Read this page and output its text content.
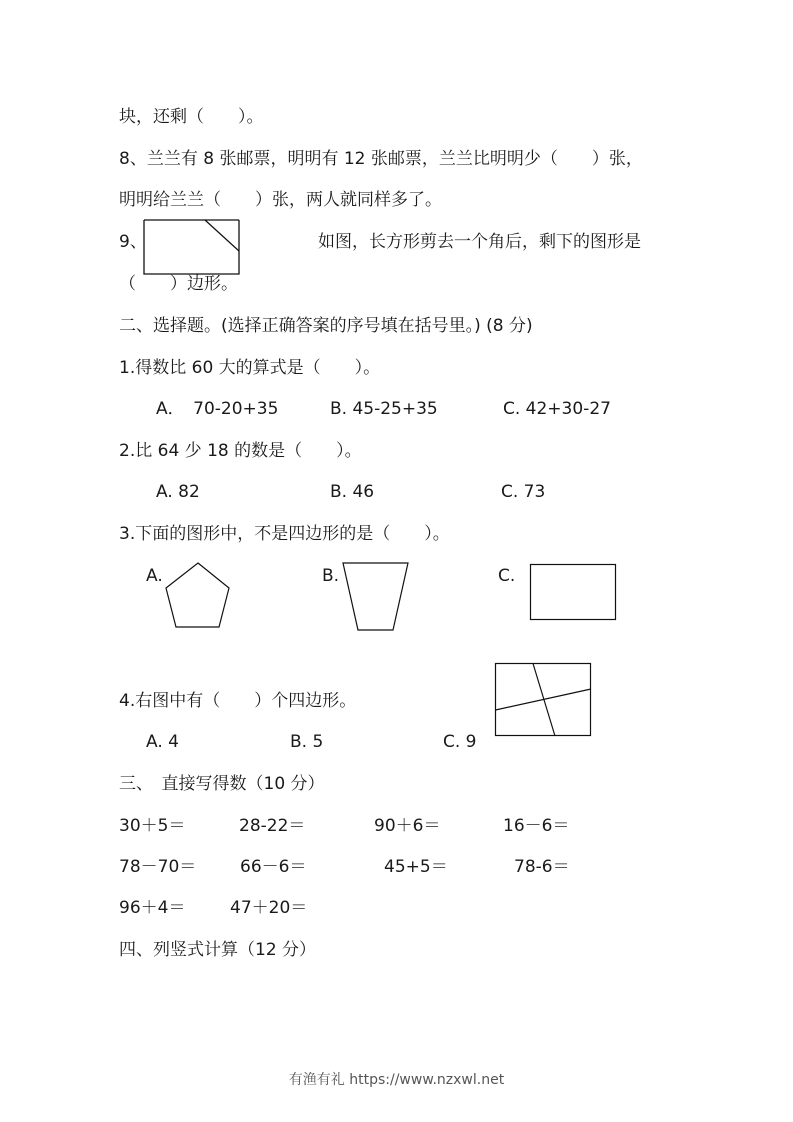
块，还剩（　　）。
8、兰兰有 8 张邮票，明明有 12 张邮票，兰兰比明明少（　　）张，
明明给兰兰（　　）张，两人就同样多了。
9、	如图，长方形剪去一个角后，剩下的图形是
（　　）边形。
二、选择题。(选择正确答案的序号填在括号里。) (8 分)
1.得数比 60 大的算式是（　　）。
A．　70-20+35	B. 45-25+35	C. 42+30-27
2.比 64 少 18 的数是（　　）。
A. 82	B. 46	C. 73
3.下面的图形中，不是四边形的是（　　）。
A.	B.	C.
4.右图中有（　　）个四边形。
A. 4	B. 5	C. 9
三、　直接写得数（10 分）
30＋5＝	28-22＝	90＋6＝	16－6＝
78－70＝	66－6＝	45+5＝	78-6＝
96＋4＝	47＋20＝
四、列竖式计算（12 分）
有渔有礼 https://www.nzxwl.net
